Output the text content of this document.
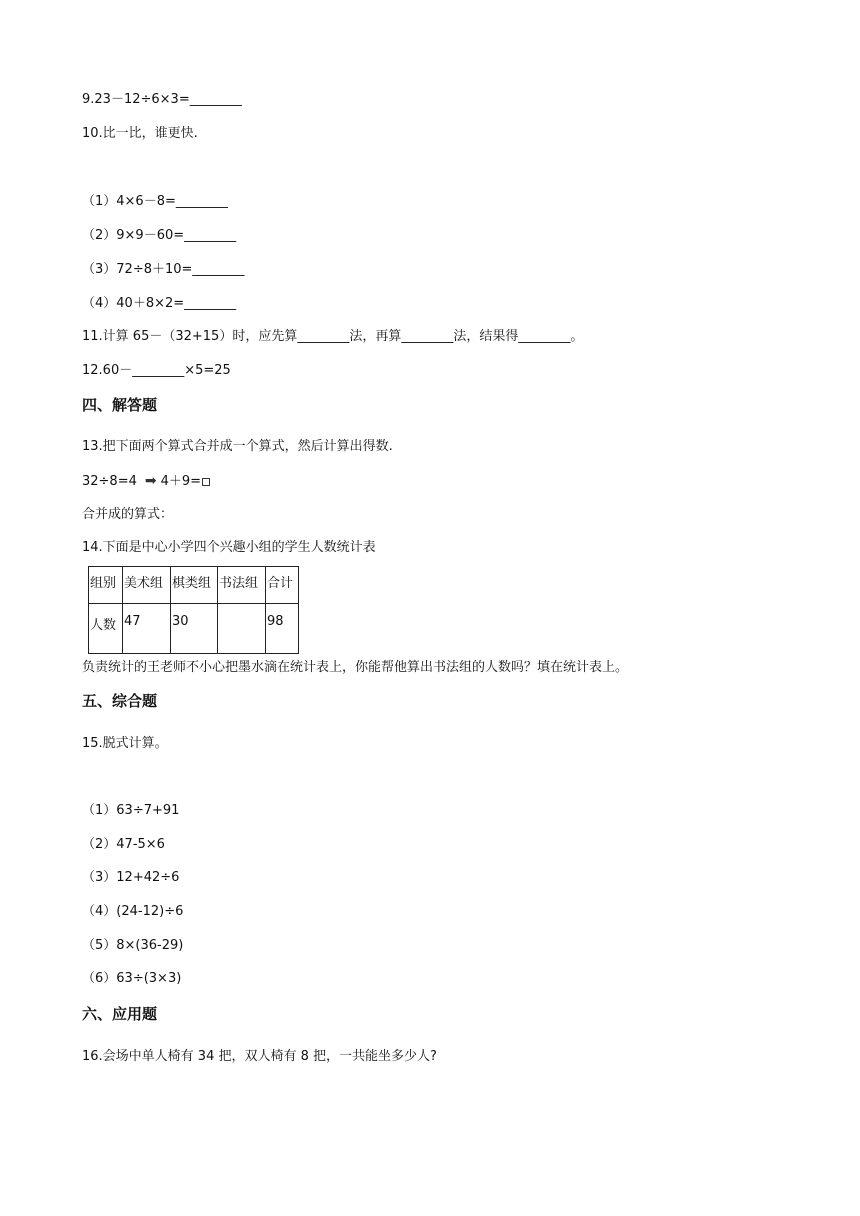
9.23－12÷6×3=________
10.比一比，谁更快.
（1）4×6－8=________
（2）9×9－60=________
（3）72÷8＋10=________
（4）40＋8×2=________
11.计算 65－（32+15）时，应先算________法，再算________法，结果得________。
12.60－________×5=25
四、解答题
13.把下面两个算式合并成一个算式，然后计算出得数.
32÷8=4 ➡ 4＋9=
合并成的算式：
14.下面是中心小学四个兴趣小组的学生人数统计表
组别	美术组	棋类组	书法组	合计
人数	47	30		98
负责统计的王老师不小心把墨水滴在统计表上，你能帮他算出书法组的人数吗？填在统计表上。
五、综合题
15.脱式计算。
（1）63÷7+91
（2）47-5×6
（3）12+42÷6
（4）(24-12)÷6
（5）8×(36-29)
（6）63÷(3×3)
六、应用题
16.会场中单人椅有 34 把，双人椅有 8 把，一共能坐多少人?
